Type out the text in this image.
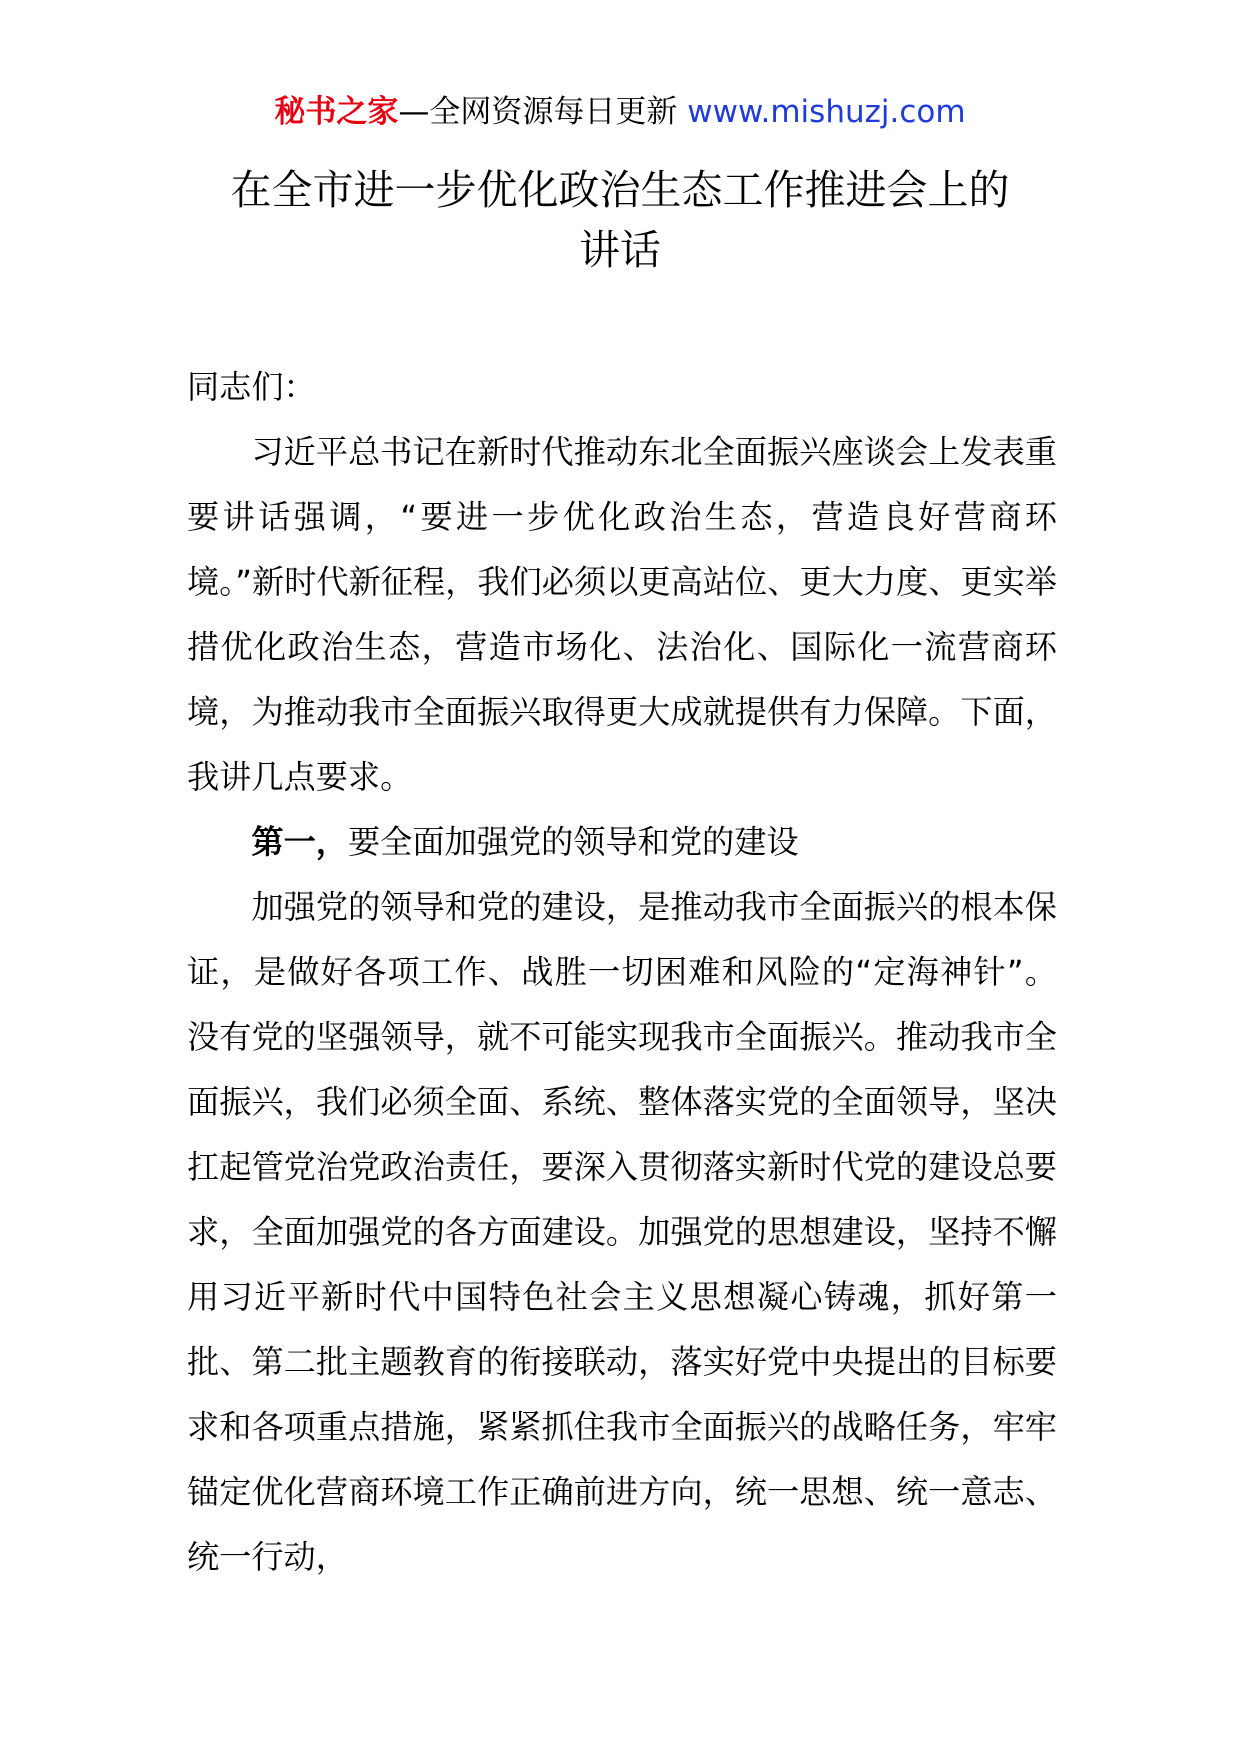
秘书之家—全网资源每日更新 www.mishuzj.com
在全市进一步优化政治生态工作推进会上的
讲话

同志们：

习近平总书记在新时代推动东北全面振兴座谈会上发表重要讲话强调，“要进一步优化政治生态，营造良好营商环境。”新时代新征程，我们必须以更高站位、更大力度、更实举措优化政治生态，营造市场化、法治化、国际化一流营商环境，为推动我市全面振兴取得更大成就提供有力保障。下面，我讲几点要求。

第一，要全面加强党的领导和党的建设

加强党的领导和党的建设，是推动我市全面振兴的根本保证，是做好各项工作、战胜一切困难和风险的“定海神针”。没有党的坚强领导，就不可能实现我市全面振兴。推动我市全面振兴，我们必须全面、系统、整体落实党的全面领导，坚决扛起管党治党政治责任，要深入贯彻落实新时代党的建设总要求，全面加强党的各方面建设。加强党的思想建设，坚持不懈用习近平新时代中国特色社会主义思想凝心铸魂，抓好第一批、第二批主题教育的衔接联动，落实好党中央提出的目标要求和各项重点措施，紧紧抓住我市全面振兴的战略任务，牢牢锚定优化营商环境工作正确前进方向，统一思想、统一意志、统一行动，
